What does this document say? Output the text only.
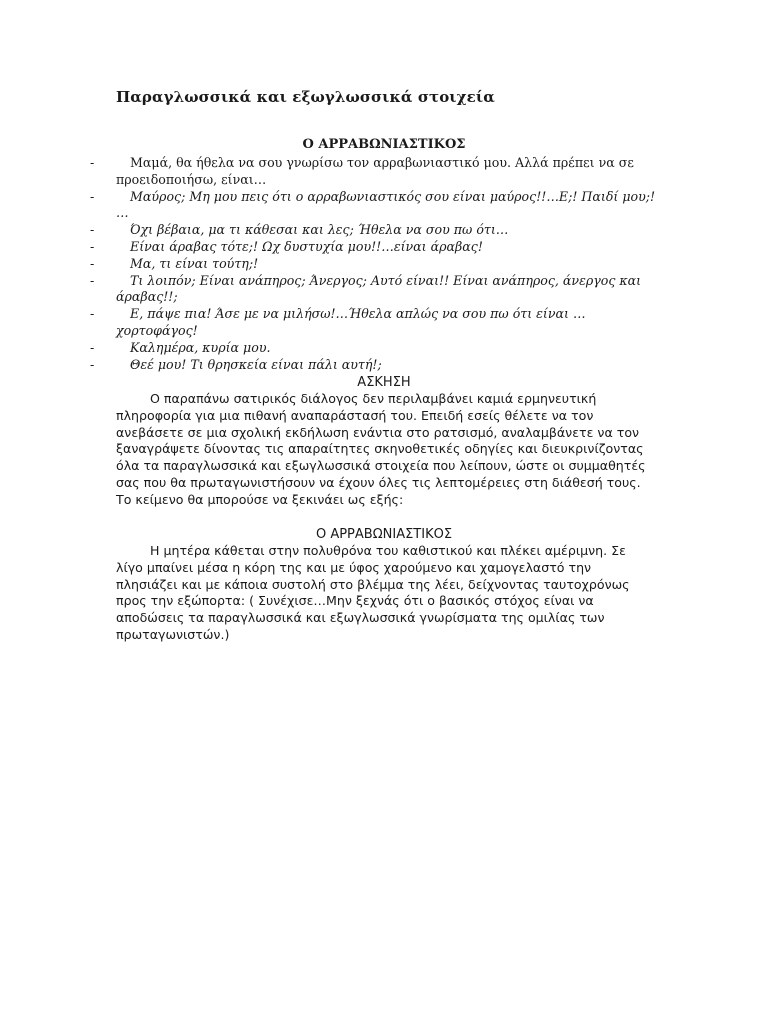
Παραγλωσσικά και εξωγλωσσικά στοιχεία
Ο ΑΡΡΑΒΩΝΙΑΣΤΙΚΟΣ
-	Μαμά, θα ήθελα να σου γνωρίσω τον αρραβωνιαστικό μου. Αλλά πρέπει να σε προειδοποιήσω, είναι…
-	Μαύρος; Μη μου πεις ότι ο αρραβωνιαστικός σου είναι μαύρος!!…Ε;! Παιδί μου;! …
-	Όχι βέβαια, μα τι κάθεσαι και λες; Ήθελα να σου πω ότι…
-	Είναι άραβας τότε;! Ωχ δυστυχία μου!!…είναι άραβας!
-	Μα, τι είναι τούτη;!
-	Τι λοιπόν; Είναι ανάπηρος; Άνεργος; Αυτό είναι!! Είναι ανάπηρος, άνεργος και άραβας!!;
-	Ε, πάψε πια! Άσε με να μιλήσω!…Ήθελα απλώς να σου πω ότι είναι …χορτοφάγος!
-	Καλημέρα, κυρία μου.
-	Θεέ μου! Τι θρησκεία είναι πάλι αυτή!;
ΑΣΚΗΣΗ

Ο παραπάνω σατιρικός διάλογος δεν περιλαμβάνει καμιά ερμηνευτική πληροφορία για μια πιθανή αναπαράστασή του. Επειδή εσείς θέλετε να τον ανεβάσετε σε μια σχολική εκδήλωση ενάντια στο ρατσισμό, αναλαμβάνετε να τον ξαναγράψετε δίνοντας τις απαραίτητες σκηνοθετικές οδηγίες και διευκρινίζοντας όλα τα παραγλωσσικά και εξωγλωσσικά στοιχεία που λείπουν, ώστε οι συμμαθητές σας που θα πρωταγωνιστήσουν να έχουν όλες τις λεπτομέρειες στη διάθεσή τους. Το κείμενο θα μπορούσε να ξεκινάει ως εξής:

Ο ΑΡΡΑΒΩΝΙΑΣΤΙΚΟΣ

Η μητέρα κάθεται στην πολυθρόνα του καθιστικού και πλέκει αμέριμνη. Σε λίγο μπαίνει μέσα η κόρη της και με ύφος χαρούμενο και χαμογελαστό την πλησιάζει και με κάποια συστολή στο βλέμμα της λέει, δείχνοντας ταυτοχρόνως προς την εξώπορτα: ( Συνέχισε…Μην ξεχνάς ότι ο βασικός στόχος είναι να αποδώσεις τα παραγλωσσικά και εξωγλωσσικά γνωρίσματα της ομιλίας των πρωταγωνιστών.)
